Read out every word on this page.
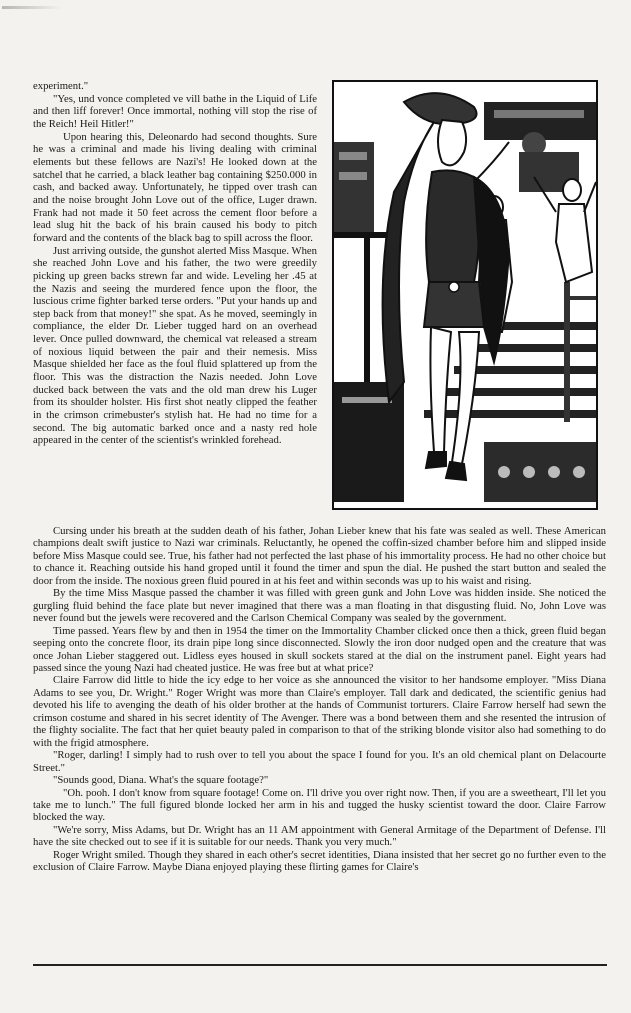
experiment."

"Yes, und vonce completed ve vill bathe in the Liquid of Life and then liff forever! Once immortal, nothing vill stop the rise of the Reich! Heil Hitler!"

Upon hearing this, Deleonardo had second thoughts. Sure he was a criminal and made his living dealing with criminal elements but these fellows are Nazi's! He looked down at the satchel that he carried, a black leather bag containing $250.000 in cash, and backed away. Unfortunately, he tipped over trash can and the noise brought John Love out of the office, Luger drawn. Frank had not made it 50 feet across the cement floor before a lead slug hit the back of his brain caused his body to pitch forward and the contents of the black bag to spill across the floor.

Just arriving outside, the gunshot alerted Miss Masque. When she reached John Love and his father, the two were greedily picking up green backs strewn far and wide. Leveling her .45 at the Nazis and seeing the murdered fence upon the floor, the luscious crime fighter barked terse orders. "Put your hands up and step back from that money!" she spat. As he moved, seemingly in compliance, the elder Dr. Lieber tugged hard on an overhead lever. Once pulled downward, the chemical vat released a stream of noxious liquid between the pair and their nemesis. Miss Masque shielded her face as the foul fluid splattered up from the floor. This was the distraction the Nazis needed. John Love ducked back between the vats and the old man drew his Luger from its shoulder holster. His first shot neatly clipped the feather in the crimson crimebuster's stylish hat. He had no time for a second. The big automatic barked once and a nasty red hole appeared in the center of the scientist's wrinkled forehead.

Cursing under his breath at the sudden death of his father, Johan Lieber knew that his fate was sealed as well. These American champions dealt swift justice to Nazi war criminals. Reluctantly, he opened the coffin-sized chamber before him and slipped inside before Miss Masque could see. True, his father had not perfected the last phase of his immortality process. He had no other choice but to chance it. Reaching outside his hand groped until it found the timer and spun the dial. He pushed the start button and sealed the door from the inside. The noxious green fluid poured in at his feet and within seconds was up to his waist and rising.

By the time Miss Masque passed the chamber it was filled with green gunk and John Love was hidden inside. She noticed the gurgling fluid behind the face plate but never imagined that there was a man floating in that disgusting fluid. No, John Love was never found but the jewels were recovered and the Carlson Chemical Company was sealed by the government.

Time passed. Years flew by and then in 1954 the timer on the Immortality Chamber clicked once then a thick, green fluid began seeping onto the concrete floor, its drain pipe long since disconnected. Slowly the iron door nudged open and the creature that was once Johan Lieber staggered out. Lidless eyes housed in skull sockets stared at the dial on the instrument panel. Eight years had passed since the young Nazi had cheated justice. He was free but at what price?

Claire Farrow did little to hide the icy edge to her voice as she announced the visitor to her handsome employer. "Miss Diana Adams to see you, Dr. Wright." Roger Wright was more than Claire's employer. Tall dark and dedicated, the scientific genius had devoted his life to avenging the death of his older brother at the hands of Communist torturers. Claire Farrow herself had sewn the crimson costume and shared in his secret identity of The Avenger. There was a bond between them and she resented the intrusion of the flighty socialite. The fact that her quiet beauty paled in comparison to that of the striking blonde visitor also had something to do with the frigid atmosphere.

"Roger, darling! I simply had to rush over to tell you about the space I found for you. It's an old chemical plant on Delacourte Street."

"Sounds good, Diana. What's the square footage?"

"Oh. pooh. I don't know from square footage! Come on. I'll drive you over right now. Then, if you are a sweetheart, I'll let you take me to lunch." The full figured blonde locked her arm in his and tugged the husky scientist toward the door. Claire Farrow blocked the way.

"We're sorry, Miss Adams, but Dr. Wright has an 11 AM appointment with General Armitage of the Department of Defense. I'll have the site checked out to see if it is suitable for our needs. Thank you very much."

Roger Wright smiled. Though they shared in each other's secret identities, Diana insisted that her secret go no further even to the exclusion of Claire Farrow. Maybe Diana enjoyed playing these flirting games for Claire's
